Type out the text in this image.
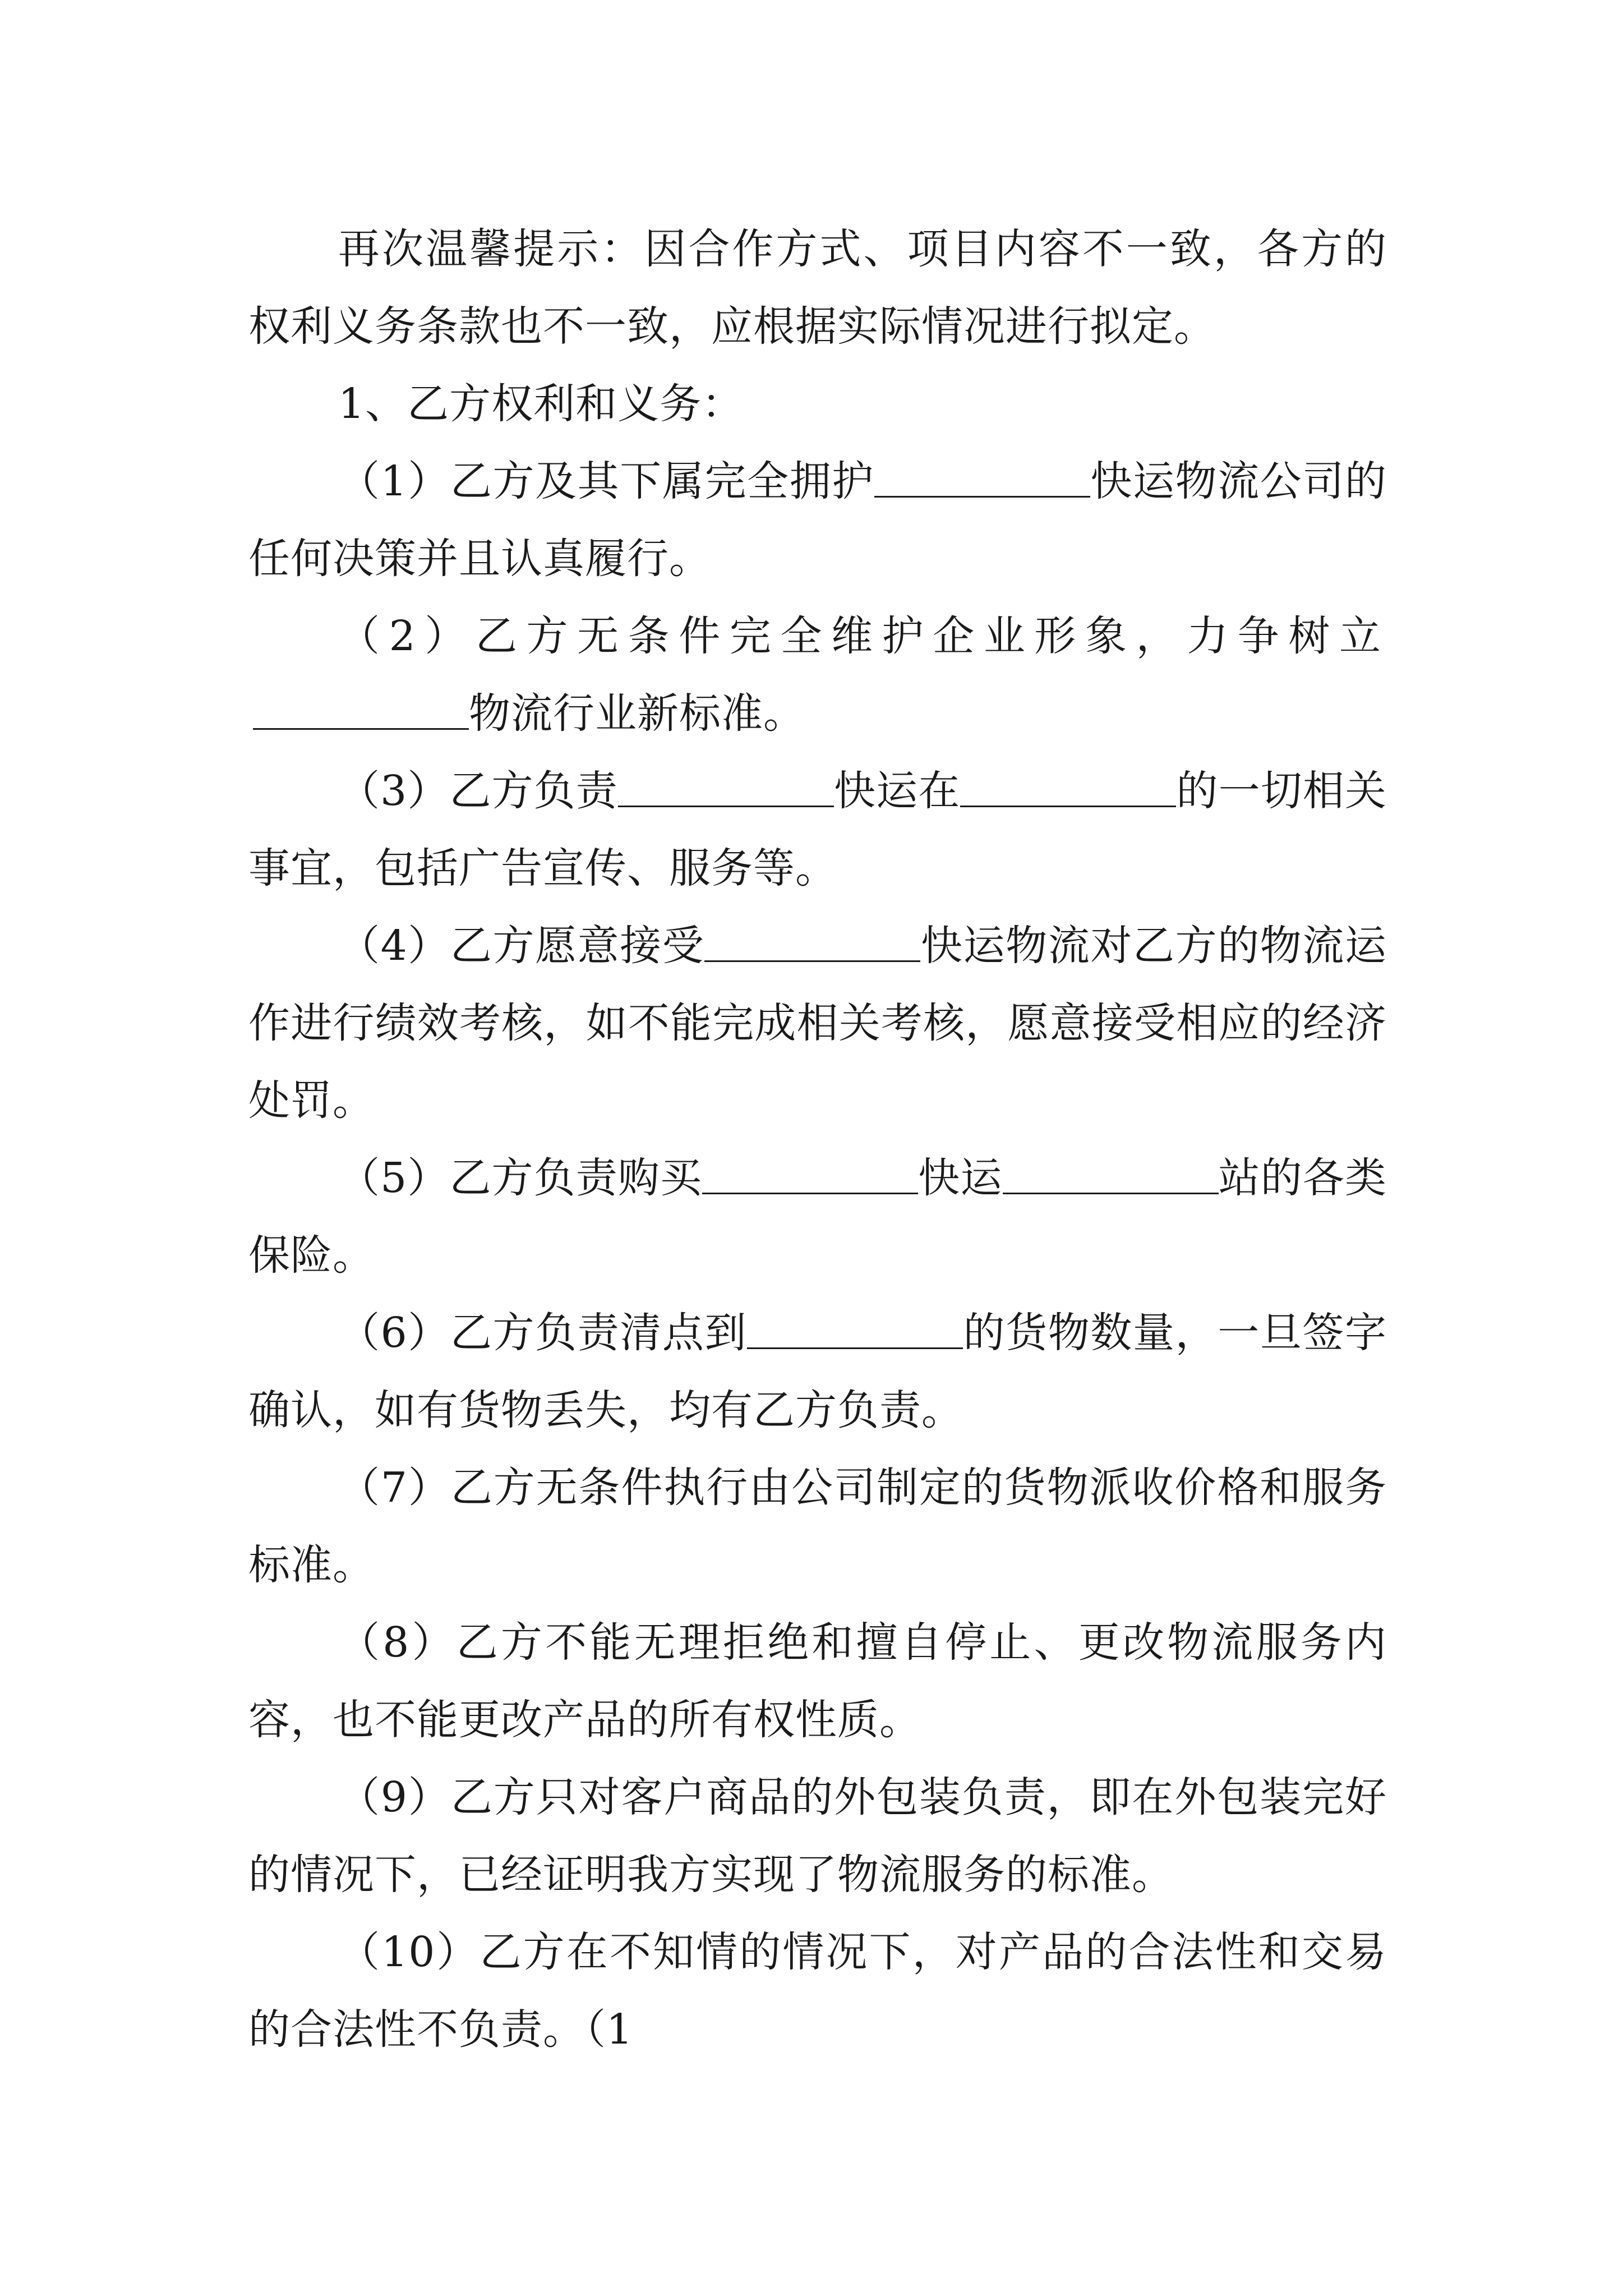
再次温馨提示：因合作方式、项目内容不一致，各方的权利义务条款也不一致，应根据实际情况进行拟定。

1、乙方权利和义务：

（1）乙方及其下属完全拥护	快运物流公司的任何决策并且认真履行。

（2）乙方无条件完全维护企业形象，力争树立物流行业新标准。

（3）乙方负责	快运在	的一切相关事宜，包括广告宣传、服务等。

（4）乙方愿意接受	快运物流对乙方的物流运作进行绩效考核，如不能完成相关考核，愿意接受相应的经济处罚。

（5）乙方负责购买	快运	站的各类保险。

（6）乙方负责清点到	的货物数量，一旦签字确认，如有货物丢失，均有乙方负责。

（7）乙方无条件执行由公司制定的货物派收价格和服务标准。

（8）乙方不能无理拒绝和擅自停止、更改物流服务内容，也不能更改产品的所有权性质。

（9）乙方只对客户商品的外包装负责，即在外包装完好的情况下，已经证明我方实现了物流服务的标准。

（10）乙方在不知情的情况下，对产品的合法性和交易的合法性不负责。（1
